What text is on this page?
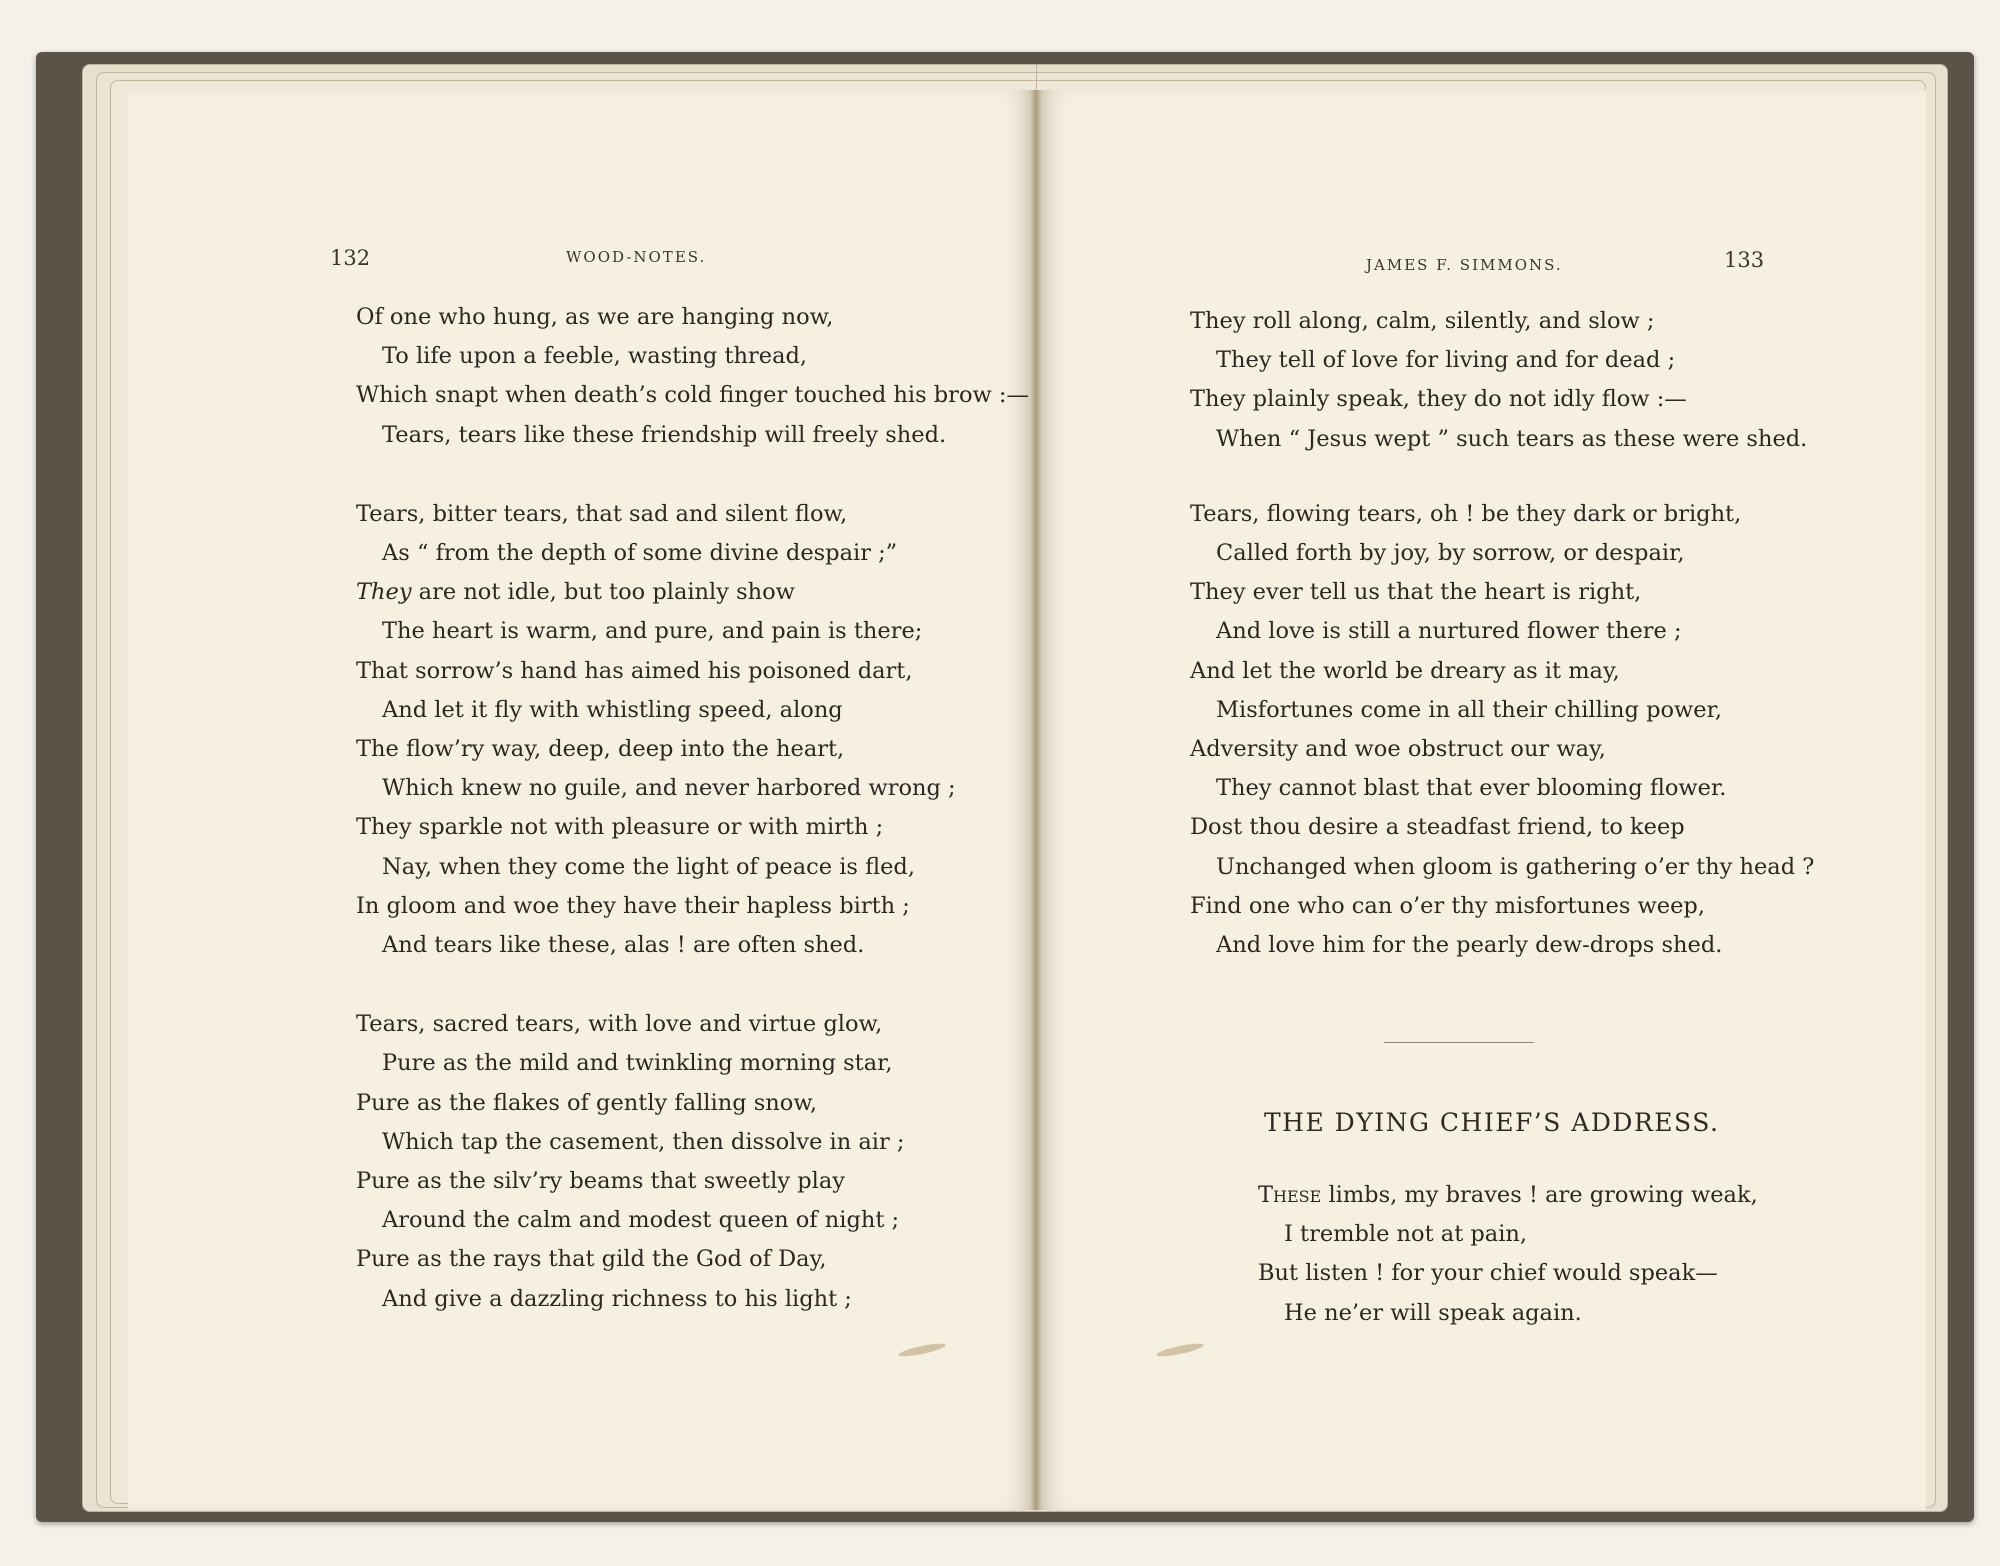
132	WOOD-NOTES.	JAMES F. SIMMONS.	133
Of one who hung, as we are hanging now,
To life upon a feeble, wasting thread,
Which snapt when death’s cold finger touched his brow :—
Tears, tears like these friendship will freely shed.
Tears, bitter tears, that sad and silent flow,
As “ from the depth of some divine despair ;”
They are not idle, but too plainly show
The heart is warm, and pure, and pain is there;
That sorrow’s hand has aimed his poisoned dart,
And let it fly with whistling speed, along
The flow’ry way, deep, deep into the heart,
Which knew no guile, and never harbored wrong ;
They sparkle not with pleasure or with mirth ;
Nay, when they come the light of peace is fled,
In gloom and woe they have their hapless birth ;
And tears like these, alas ! are often shed.
Tears, sacred tears, with love and virtue glow,
Pure as the mild and twinkling morning star,
Pure as the flakes of gently falling snow,
Which tap the casement, then dissolve in air ;
Pure as the silv’ry beams that sweetly play
Around the calm and modest queen of night ;
Pure as the rays that gild the God of Day,
And give a dazzling richness to his light ;
They roll along, calm, silently, and slow ;
They tell of love for living and for dead ;
They plainly speak, they do not idly flow :—
When “ Jesus wept ” such tears as these were shed.
Tears, flowing tears, oh ! be they dark or bright,
Called forth by joy, by sorrow, or despair,
They ever tell us that the heart is right,
And love is still a nurtured flower there ;
And let the world be dreary as it may,
Misfortunes come in all their chilling power,
Adversity and woe obstruct our way,
They cannot blast that ever blooming flower.
Dost thou desire a steadfast friend, to keep
Unchanged when gloom is gathering o’er thy head ?
Find one who can o’er thy misfortunes weep,
And love him for the pearly dew-drops shed.
THE DYING CHIEF’S ADDRESS.
These limbs, my braves ! are growing weak,
I tremble not at pain,
But listen ! for your chief would speak—
He ne’er will speak again.
